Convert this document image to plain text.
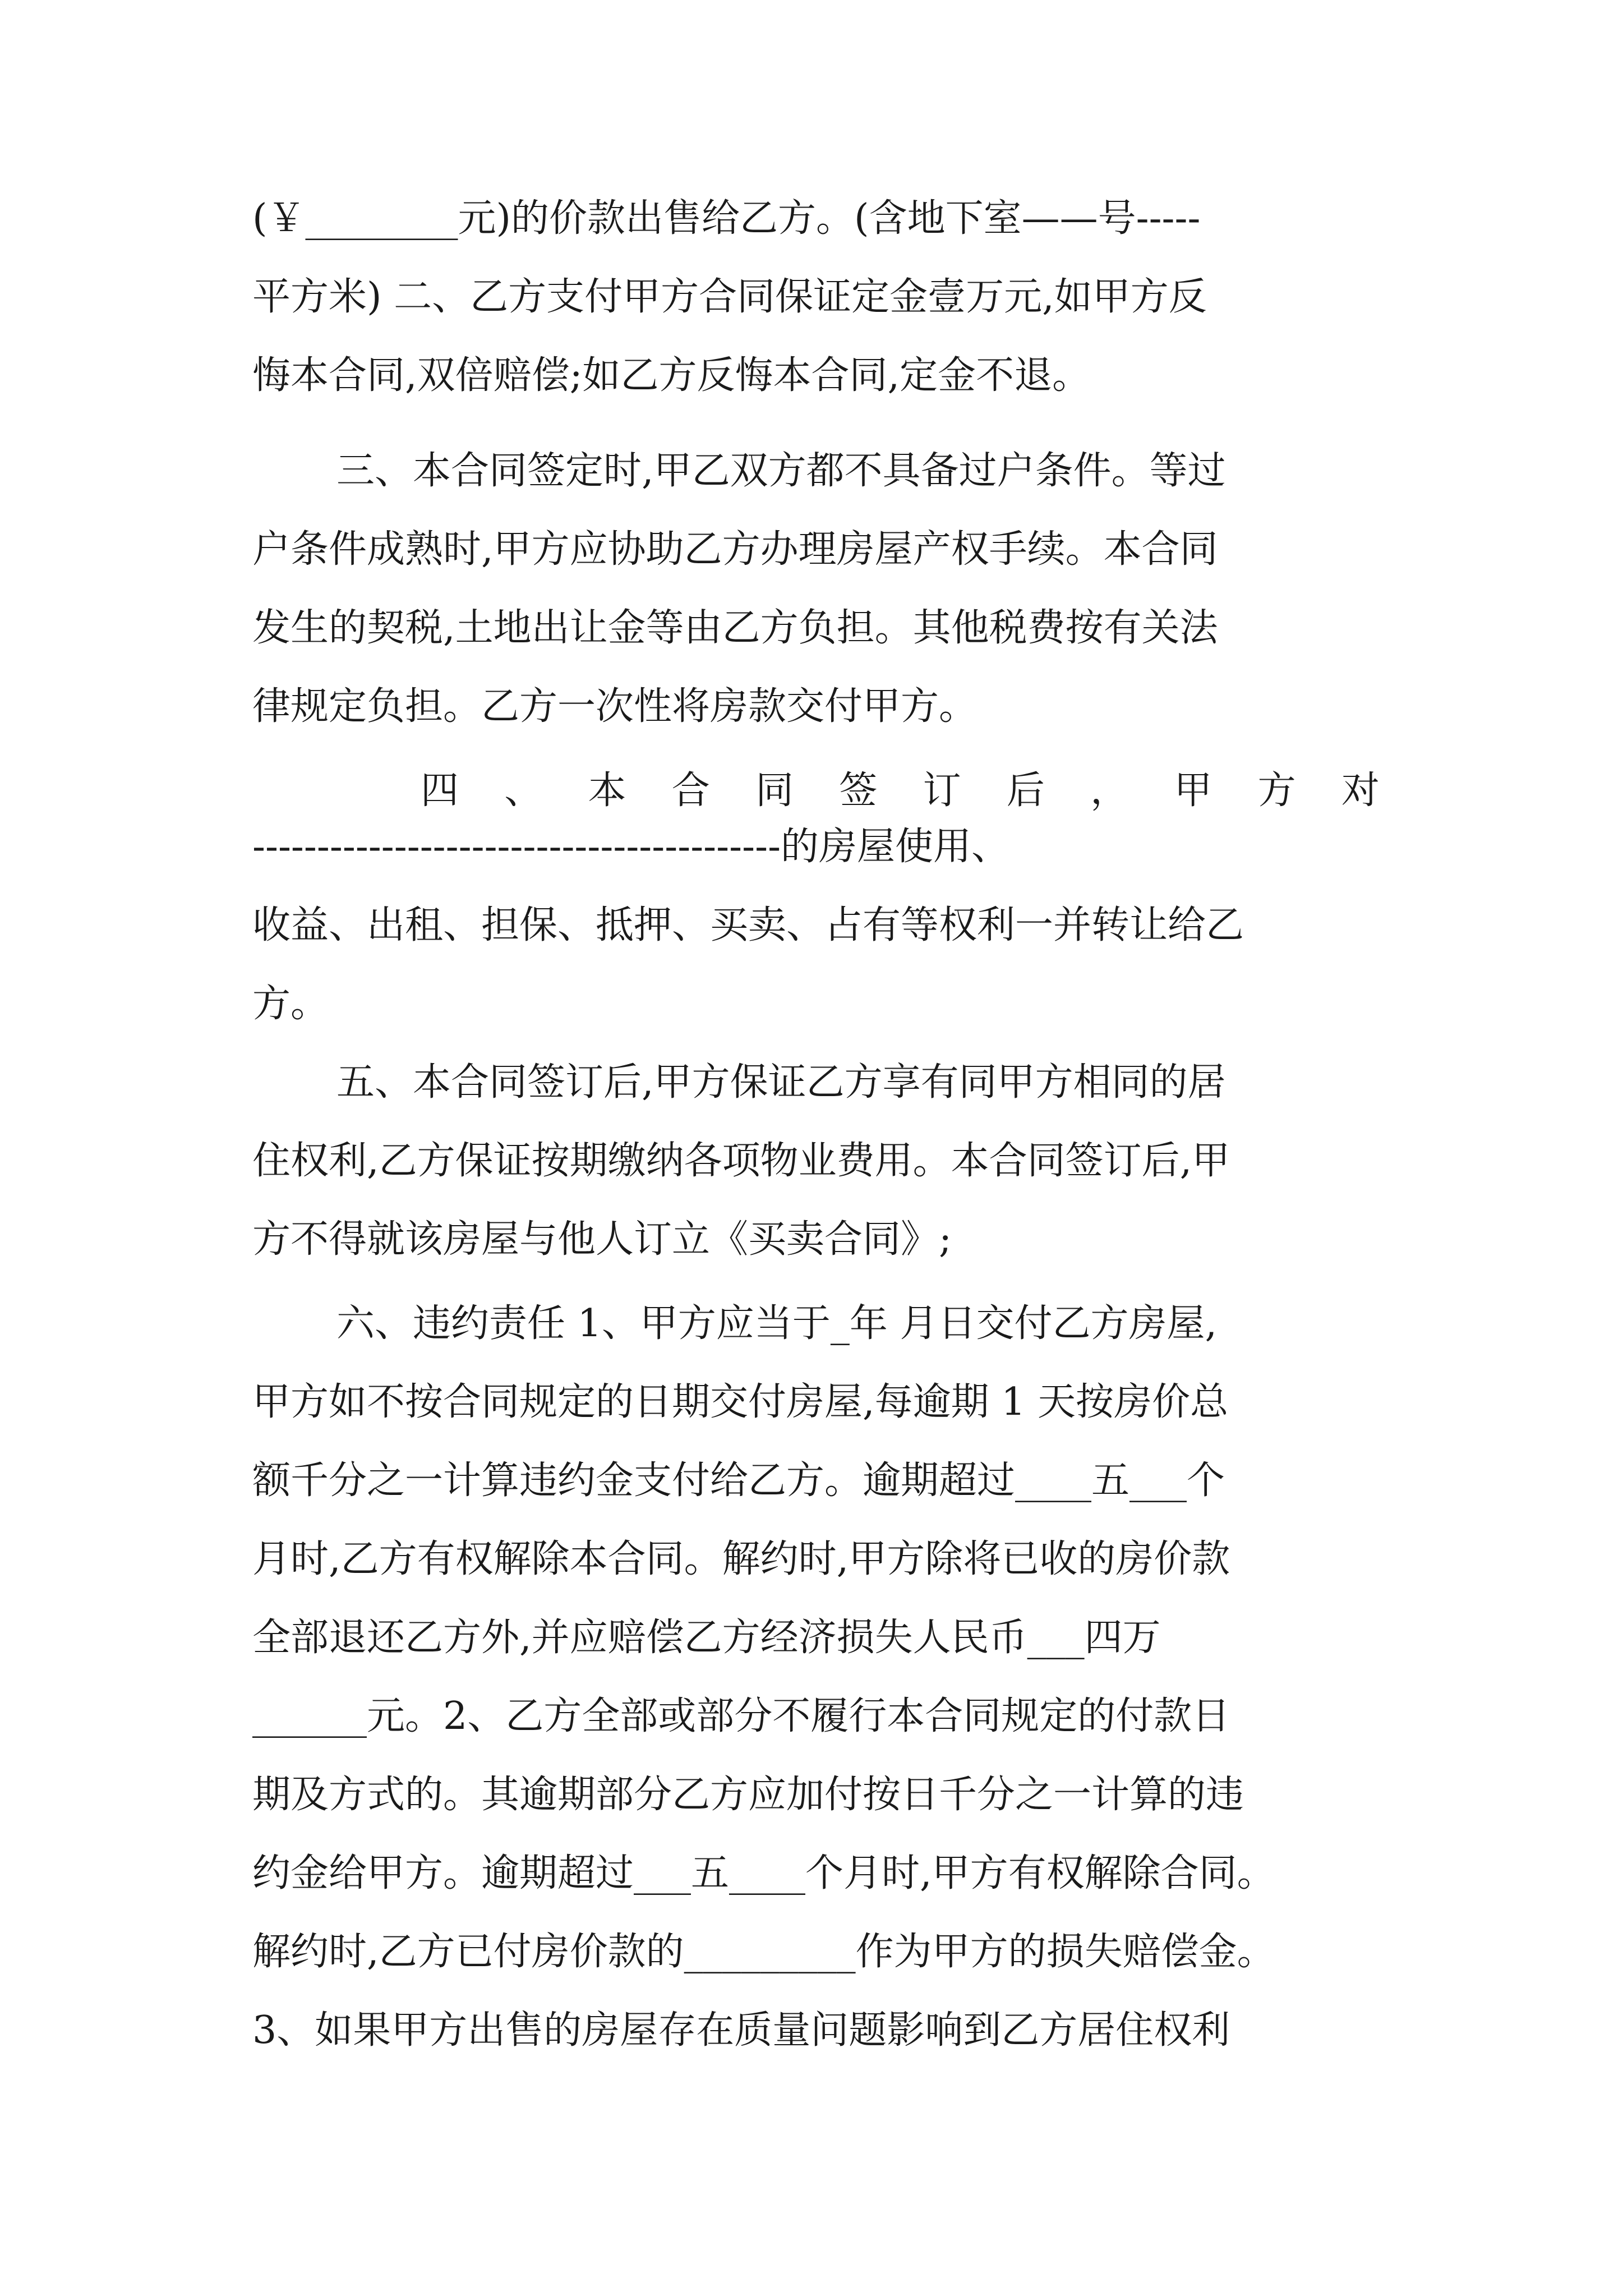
(￥________元)的价款出售给乙方。(含地下室——号-----
平方米) 二、乙方支付甲方合同保证定金壹万元,如甲方反
悔本合同,双倍赔偿;如乙方反悔本合同,定金不退。
三、本合同签定时,甲乙双方都不具备过户条件。等过
户条件成熟时,甲方应协助乙方办理房屋产权手续。本合同
发生的契税,土地出让金等由乙方负担。其他税费按有关法
律规定负担。乙方一次性将房款交付甲方。
四 、 本 合 同 签 订 后 ， 甲 方 对
-----------------------------------------的房屋使用、
收益、出租、担保、抵押、买卖、占有等权利一并转让给乙
方。
五、本合同签订后,甲方保证乙方享有同甲方相同的居
住权利,乙方保证按期缴纳各项物业费用。本合同签订后,甲
方不得就该房屋与他人订立《买卖合同》;
六、违约责任 1、甲方应当于_年 月日交付乙方房屋,
甲方如不按合同规定的日期交付房屋,每逾期 1 天按房价总
额千分之一计算违约金支付给乙方。逾期超过____五___个
月时,乙方有权解除本合同。解约时,甲方除将已收的房价款
全部退还乙方外,并应赔偿乙方经济损失人民币___四万
______元。2、乙方全部或部分不履行本合同规定的付款日
期及方式的。其逾期部分乙方应加付按日千分之一计算的违
约金给甲方。逾期超过___五____个月时,甲方有权解除合同。
解约时,乙方已付房价款的_________作为甲方的损失赔偿金。
3、如果甲方出售的房屋存在质量问题影响到乙方居住权利
